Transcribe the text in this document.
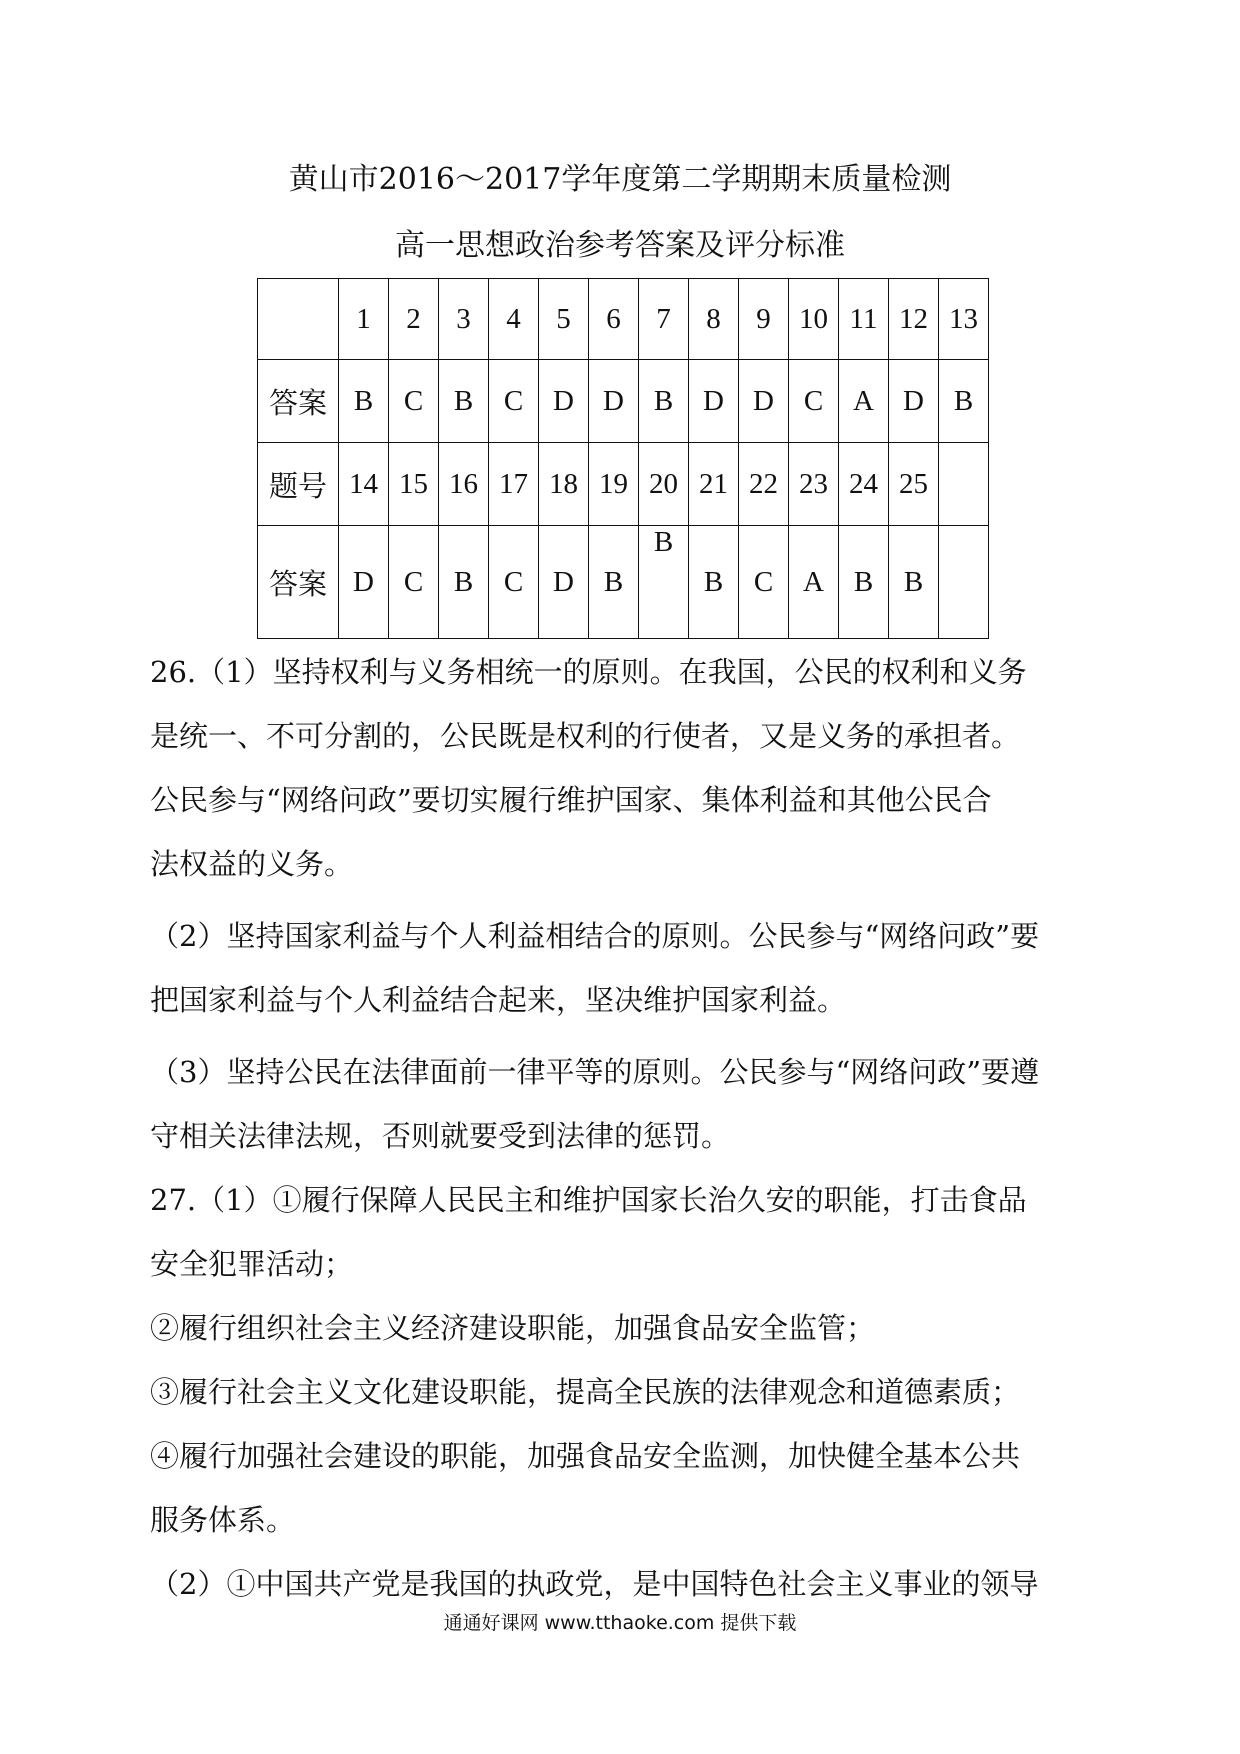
黄山市2016～2017学年度第二学期期末质量检测
高一思想政治参考答案及评分标准
	1	2	3	4	5	6	7	8	9	10	11	12	13
答案	B	C	B	C	D	D	B	D	D	C	A	D	B
题号	14	15	16	17	18	19	20	21	22	23	24	25	
答案	D	C	B	C	D	B	B	B	C	A	B	B	
26.（1）坚持权利与义务相统一的原则。在我国，公民的权利和义务
是统一、不可分割的，公民既是权利的行使者，又是义务的承担者。
公民参与“网络问政”要切实履行维护国家、集体利益和其他公民合
法权益的义务。
（2）坚持国家利益与个人利益相结合的原则。公民参与“网络问政”要
把国家利益与个人利益结合起来，坚决维护国家利益。
（3）坚持公民在法律面前一律平等的原则。公民参与“网络问政”要遵
守相关法律法规，否则就要受到法律的惩罚。
27.（1）①履行保障人民民主和维护国家长治久安的职能，打击食品
安全犯罪活动；
②履行组织社会主义经济建设职能，加强食品安全监管；
③履行社会主义文化建设职能，提高全民族的法律观念和道德素质；
④履行加强社会建设的职能，加强食品安全监测，加快健全基本公共
服务体系。
（2）①中国共产党是我国的执政党，是中国特色社会主义事业的领导
通通好课网 www.tthaoke.com 提供下载
